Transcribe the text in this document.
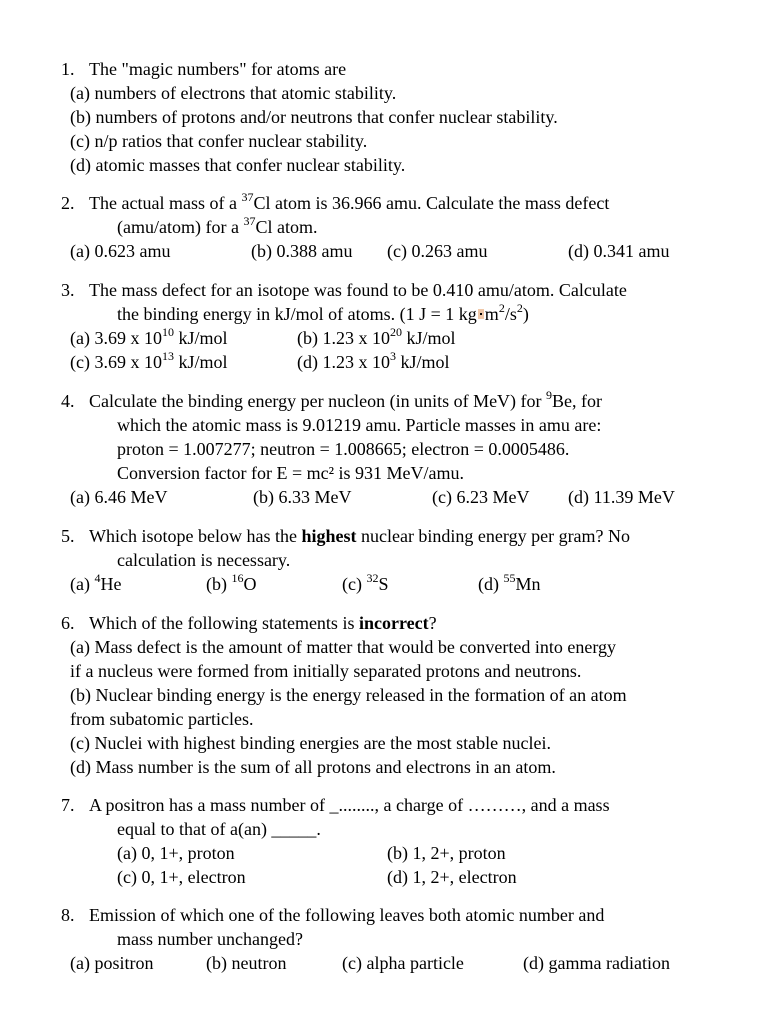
1. The "magic numbers" for atoms are
(a) numbers of electrons that atomic stability.
(b) numbers of protons and/or neutrons that confer nuclear stability.
(c) n/p ratios that confer nuclear stability.
(d) atomic masses that confer nuclear stability.
2. The actual mass of a $^{37}$Cl atom is 36.966 amu. Calculate the mass defect
(amu/atom) for a $^{37}$Cl atom.
(a) 0.623 amu	(b) 0.388 amu (c) 0.263 amu	(d) 0.341 amu
3. The mass defect for an isotope was found to be 0.410 amu/atom. Calculate
the binding energy in kJ/mol of atoms. (1 J = 1 kg $m^2/s^2$)
(a) 3.69 x $10^{10}$ kJ/mol	(b) 1.23 x $10^{20}$ kJ/mol
(c) 3.69 x $10^{13}$ kJ/mol	(d) 1.23 x $10^3$ kJ/mol
4. Calculate the binding energy per nucleon (in units of MeV) for $^9$Be, for
which the atomic mass is 9.01219 amu. Particle masses in amu are:
proton = 1.007277; neutron = 1.008665; electron = 0.0005486.
Conversion factor for E = mc² is 931 MeV/amu.
(a) 6.46 MeV	(b) 6.33 MeV	(c) 6.23 MeV (d) 11.39 MeV
5. Which isotope below has the highest nuclear binding energy per gram? No
calculation is necessary.
(a) $^4$He	(b) $^{16}$O	(c) $^{32}$S	(d) $^{55}$Mn
6. Which of the following statements is incorrect?
(a) Mass defect is the amount of matter that would be converted into energy
if a nucleus were formed from initially separated protons and neutrons.
(b) Nuclear binding energy is the energy released in the formation of an atom
from subatomic particles.
(c) Nuclei with highest binding energies are the most stable nuclei.
(d) Mass number is the sum of all protons and electrons in an atom.
7. A positron has a mass number of _........, a charge of ………, and a mass
equal to that of a(an) _____.
(a) 0, 1+, proton	(b) 1, 2+, proton
(c) 0, 1+, electron	(d) 1, 2+, electron
8. Emission of which one of the following leaves both atomic number and
mass number unchanged?
(a) positron	(b) neutron	(c) alpha particle	(d) gamma radiation
